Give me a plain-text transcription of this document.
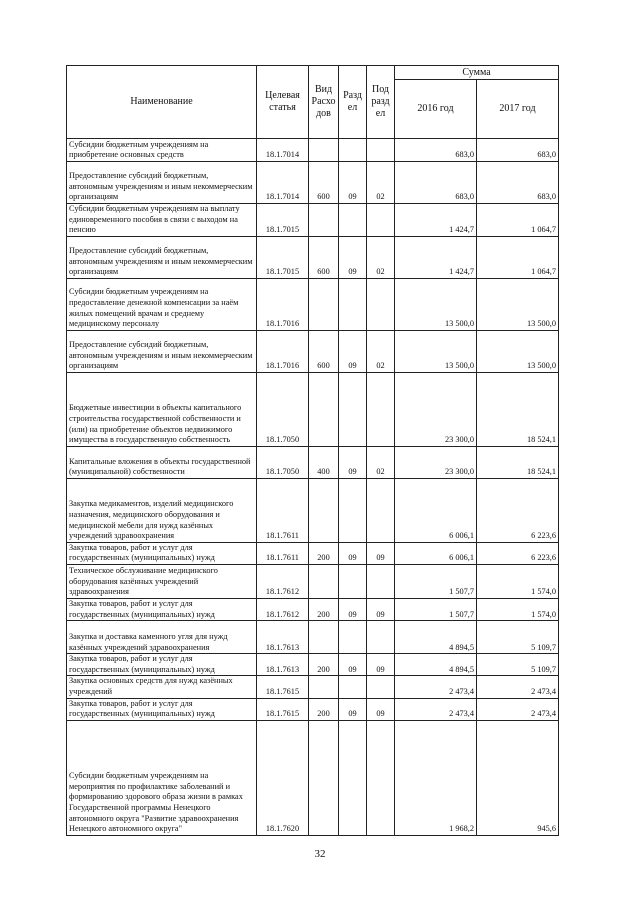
Наименование	Целевая статья	Вид Расхо дов	Разд ел	Под разд ел	Сумма	
					2016 год	2017 год
Субсидии бюджетным учреждениям на приобретение основных средств	18.1.7014				683,0	683,0
Предоставление субсидий бюджетным, автономным учреждениям и иным некоммерческим организациям	18.1.7014	600	09	02	683,0	683,0
Субсидии бюджетным учреждениям на выплату единовременного пособия в связи с выходом на пенсию	18.1.7015				1 424,7	1 064,7
Предоставление субсидий бюджетным, автономным учреждениям и иным некоммерческим организациям	18.1.7015	600	09	02	1 424,7	1 064,7
Субсидии бюджетным учреждениям на предоставление денежной компенсации за наём жилых помещений врачам и среднему медицинскому персоналу	18.1.7016				13 500,0	13 500,0
Предоставление субсидий бюджетным, автономным учреждениям и иным некоммерческим организациям	18.1.7016	600	09	02	13 500,0	13 500,0
Бюджетные инвестиции в объекты капитального строительства государственной собственности и (или) на приобретение объектов недвижимого имущества в государственную собственность	18.1.7050				23 300,0	18 524,1
Капитальные вложения в объекты государственной (муниципальной) собственности	18.1.7050	400	09	02	23 300,0	18 524,1
Закупка медикаментов, изделий медицинского назначения, медицинского оборудования и медицинской мебели для нужд казённых учреждений здравоохранения	18.1.7611				6 006,1	6 223,6
Закупка товаров, работ и услуг для государственных (муниципальных) нужд	18.1.7611	200	09	09	6 006,1	6 223,6
Техническое обслуживание медицинского оборудования казённых учреждений здравоохранения	18.1.7612				1 507,7	1 574,0
Закупка товаров, работ и услуг для государственных (муниципальных) нужд	18.1.7612	200	09	09	1 507,7	1 574,0
Закупка и доставка каменного угля для нужд казённых учреждений здравоохранения	18.1.7613				4 894,5	5 109,7
Закупка товаров, работ и услуг для государственных (муниципальных) нужд	18.1.7613	200	09	09	4 894,5	5 109,7
Закупка основных средств для нужд казённых учреждений	18.1.7615				2 473,4	2 473,4
Закупка товаров, работ и услуг для государственных (муниципальных) нужд	18.1.7615	200	09	09	2 473,4	2 473,4
Субсидии бюджетным учреждениям на мероприятия по профилактике заболеваний и формированию здорового образа жизни в рамках Государственной программы Ненецкого автономного округа "Развитие здравоохранения Ненецкого автономного округа"	18.1.7620				1 968,2	945,6
32
